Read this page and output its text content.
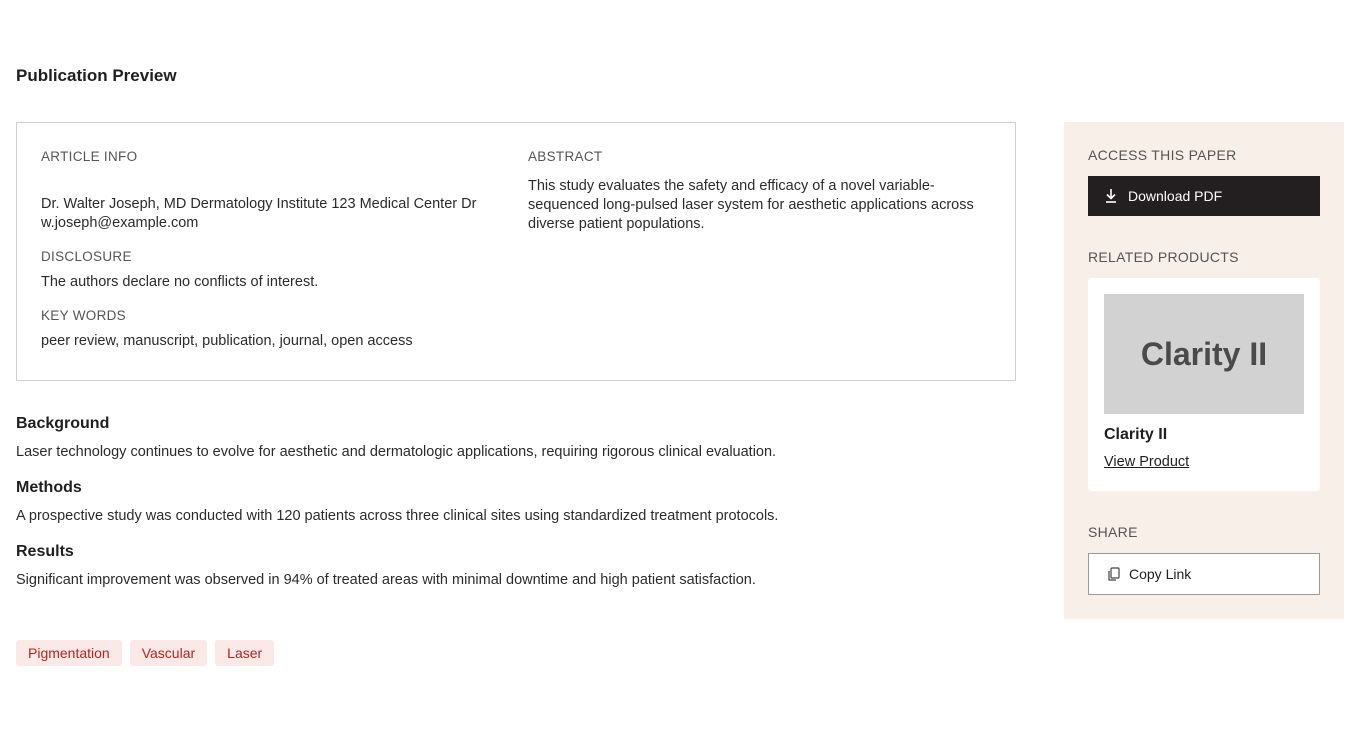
Publication Preview
ARTICLE INFO
Dr. Walter Joseph, MD Dermatology Institute 123 Medical Center Dr w.joseph@example.com
DISCLOSURE
The authors declare no conflicts of interest.
KEY WORDS
peer review, manuscript, publication, journal, open access
ABSTRACT
This study evaluates the safety and efficacy of a novel variable-sequenced long-pulsed laser system for aesthetic applications across diverse patient populations.
Background
Laser technology continues to evolve for aesthetic and dermatologic applications, requiring rigorous clinical evaluation.
Methods
A prospective study was conducted with 120 patients across three clinical sites using standardized treatment protocols.
Results
Significant improvement was observed in 94% of treated areas with minimal downtime and high patient satisfaction.
Pigmentation	Vascular	Laser
ACCESS THIS PAPER
Download PDF
RELATED PRODUCTS
Clarity II
Clarity II
View Product
SHARE
Copy Link
